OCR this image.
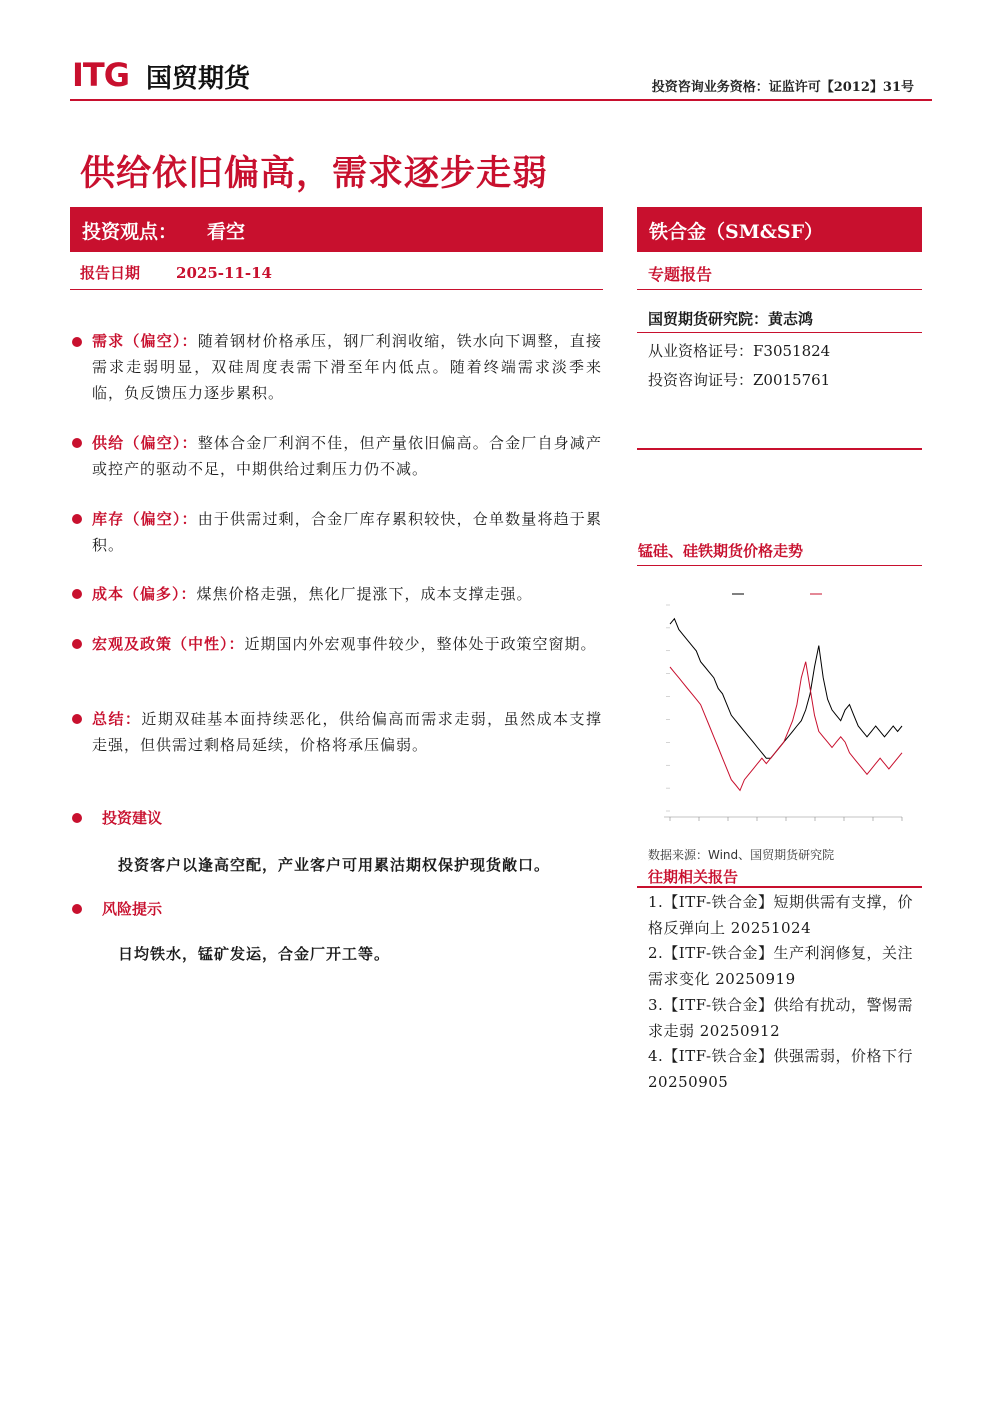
ITG 国贸期货	投资咨询业务资格：证监许可【2012】31号
供给依旧偏高，需求逐步走弱
投资观点： 看空
报告日期 2025-11-14
铁合金（SM&SF）
专题报告
国贸期货研究院：黄志鸿
从业资格证号：F3051824
投资咨询证号：Z0015761
锰硅、硅铁期货价格走势
数据来源：Wind、国贸期货研究院
往期相关报告
1.【ITF-铁合金】短期供需有支撑，价格反弹向上 20251024
2.【ITF-铁合金】生产利润修复，关注需求变化 20250919
3.【ITF-铁合金】供给有扰动，警惕需求走弱 20250912
4.【ITF-铁合金】供强需弱，价格下行 20250905
需求（偏空）：随着钢材价格承压，钢厂利润收缩，铁水向下调整，直接需求走弱明显，双硅周度表需下滑至年内低点。随着终端需求淡季来临，负反馈压力逐步累积。
供给（偏空）：整体合金厂利润不佳，但产量依旧偏高。合金厂自身减产或控产的驱动不足，中期供给过剩压力仍不减。
库存（偏空）：由于供需过剩，合金厂库存累积较快，仓单数量将趋于累积。
成本（偏多）：煤焦价格走强，焦化厂提涨下，成本支撑走强。
宏观及政策（中性）：近期国内外宏观事件较少，整体处于政策空窗期。
总结：近期双硅基本面持续恶化，供给偏高而需求走弱，虽然成本支撑走强，但供需过剩格局延续，价格将承压偏弱。
投资建议
投资客户以逢高空配，产业客户可用累沽期权保护现货敞口。
风险提示
日均铁水，锰矿发运，合金厂开工等。
